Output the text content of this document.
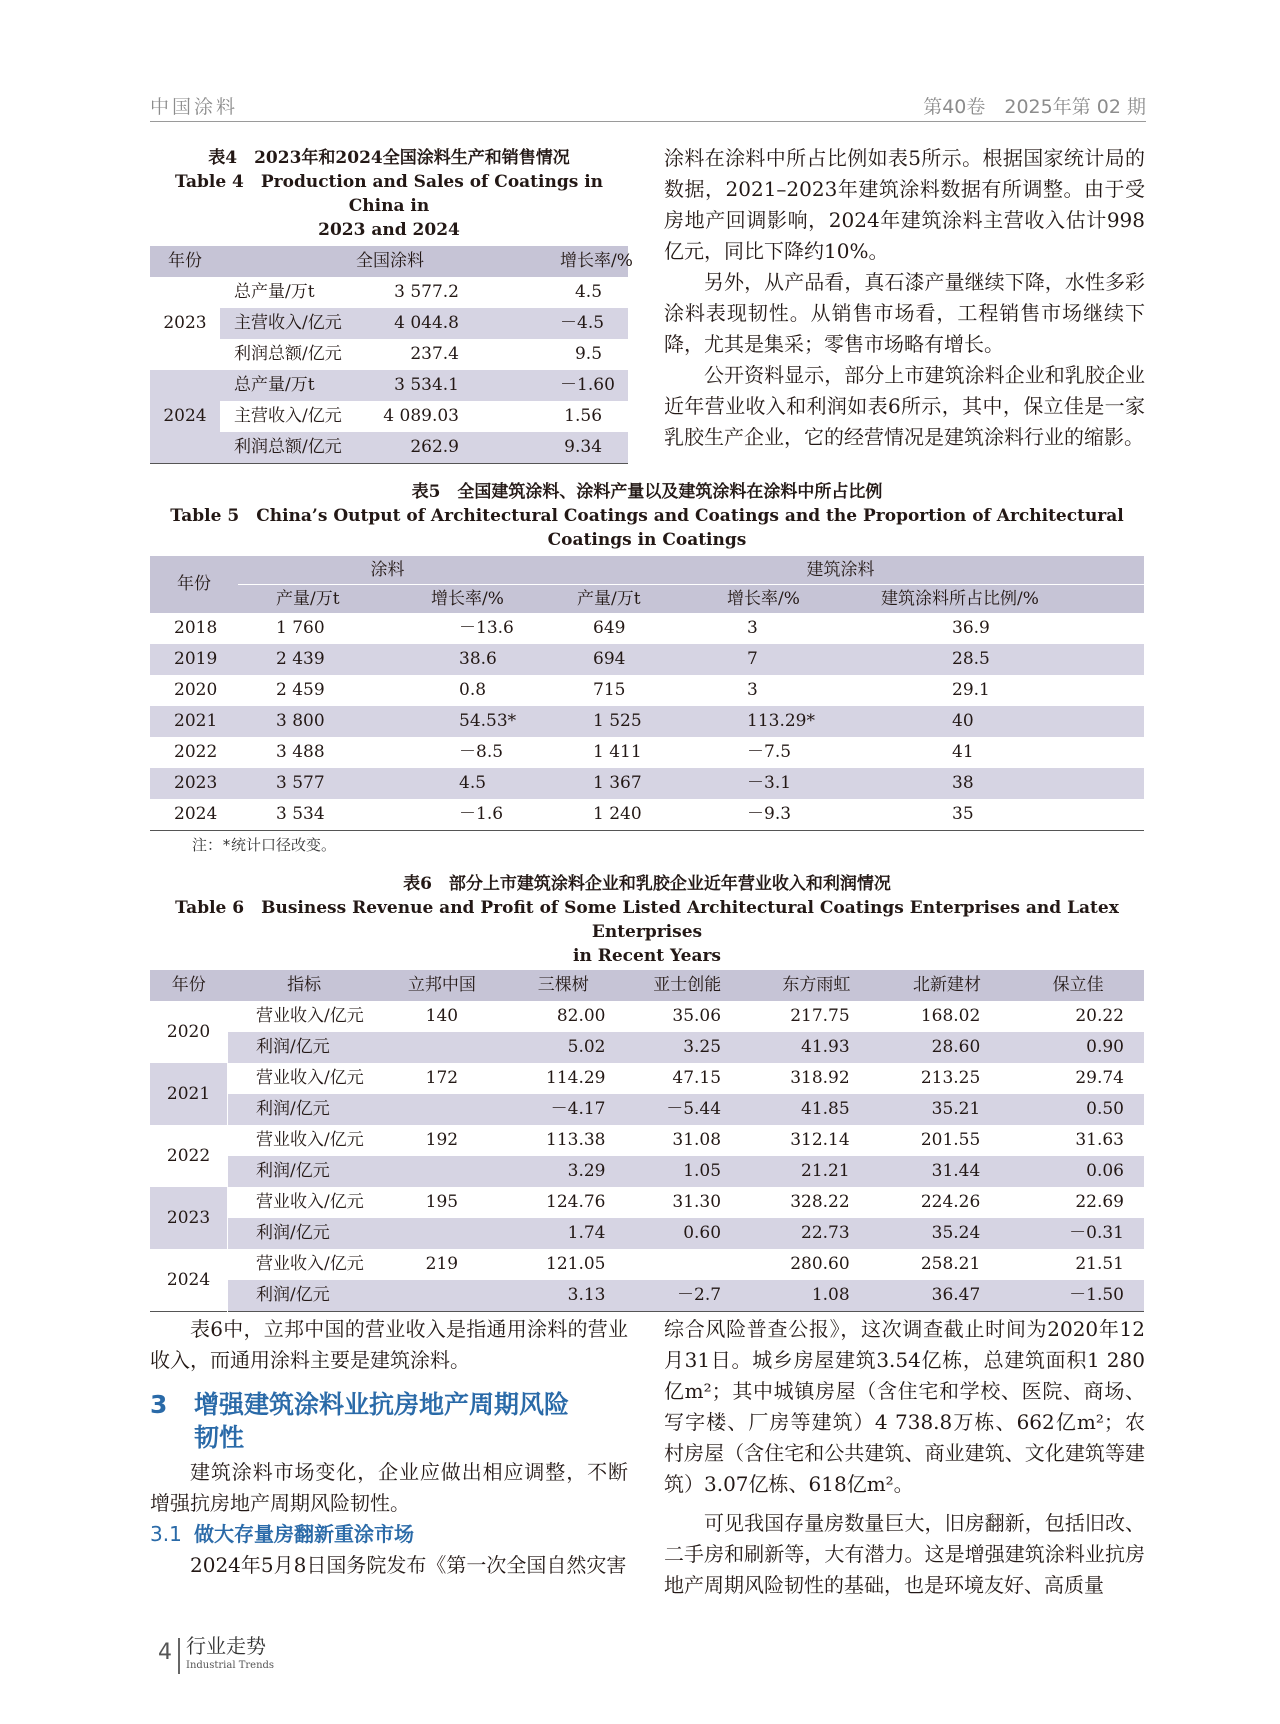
中国涂料	第40卷　2025年第 02 期
表4　2023年和2024全国涂料生产和销售情况
Table 4　Production and Sales of Coatings in China in
2023 and 2024
年份	全国涂料			增长率/%
2023	总产量/万t	3 577.2		4.5
	主营收入/亿元	4 044.8		－4.5
	利润总额/亿元	237.4		9.5
2024	总产量/万t	3 534.1		－1.60
	主营收入/亿元	4 089.03		1.56
	利润总额/亿元	262.9		9.34

涂料在涂料中所占比例如表5所示。根据国家统计局的数据，2021–2023年建筑涂料数据有所调整。由于受房地产回调影响，2024年建筑涂料主营收入估计998亿元，同比下降约10%。

另外，从产品看，真石漆产量继续下降，水性多彩涂料表现韧性。从销售市场看，工程销售市场继续下降，尤其是集采；零售市场略有增长。

公开资料显示，部分上市建筑涂料企业和乳胶企业近年营业收入和利润如表6所示，其中，保立佳是一家乳胶生产企业，它的经营情况是建筑涂料行业的缩影。

表5　全国建筑涂料、涂料产量以及建筑涂料在涂料中所占比例
Table 5　China’s Output of Architectural Coatings and Coatings and the Proportion of Architectural Coatings in Coatings
年份	涂料		建筑涂料		
	产量/万t	增长率/%	产量/万t	增长率/%	建筑涂料所占比例/%
2018	1 760	－13.6	649	3	36.9
2019	2 439	38.6	694	7	28.5
2020	2 459	0.8	715	3	29.1
2021	3 800	54.53*	1 525	113.29*	40
2022	3 488	－8.5	1 411	－7.5	41
2023	3 577	4.5	1 367	－3.1	38
2024	3 534	－1.6	1 240	－9.3	35
注：*统计口径改变。
表6　部分上市建筑涂料企业和乳胶企业近年营业收入和利润情况
Table 6　Business Revenue and Profit of Some Listed Architectural Coatings Enterprises and Latex Enterprises
in Recent Years
年份	指标	立邦中国	三棵树	亚士创能	东方雨虹	北新建材	保立佳
2020	营业收入/亿元	140	82.00	35.06	217.75	168.02	20.22
	利润/亿元		5.02	3.25	41.93	28.60	0.90
2021	营业收入/亿元	172	114.29	47.15	318.92	213.25	29.74
	利润/亿元		－4.17	－5.44	41.85	35.21	0.50
2022	营业收入/亿元	192	113.38	31.08	312.14	201.55	31.63
	利润/亿元		3.29	1.05	21.21	31.44	0.06
2023	营业收入/亿元	195	124.76	31.30	328.22	224.26	22.69
	利润/亿元		1.74	0.60	22.73	35.24	－0.31
2024	营业收入/亿元	219	121.05		280.60	258.21	21.51
	利润/亿元		3.13	－2.7	1.08	36.47	－1.50

表6中，立邦中国的营业收入是指通用涂料的营业收入，而通用涂料主要是建筑涂料。

3	增强建筑涂料业抗房地产周期风险
韧性

建筑涂料市场变化，企业应做出相应调整，不断增强抗房地产周期风险韧性。

3.1 做大存量房翻新重涂市场

2024年5月8日国务院发布《第一次全国自然灾害

综合风险普查公报》，这次调查截止时间为2020年12月31日。城乡房屋建筑3.54亿栋，总建筑面积1 280亿m²；其中城镇房屋（含住宅和学校、医院、商场、写字楼、厂房等建筑）4 738.8万栋、662亿m²；农村房屋（含住宅和公共建筑、商业建筑、文化建筑等建筑）3.07亿栋、618亿m²。

可见我国存量房数量巨大，旧房翻新，包括旧改、二手房和刷新等，大有潜力。这是增强建筑涂料业抗房地产周期风险韧性的基础，也是环境友好、高质量

4 行业走势
Industrial Trends
